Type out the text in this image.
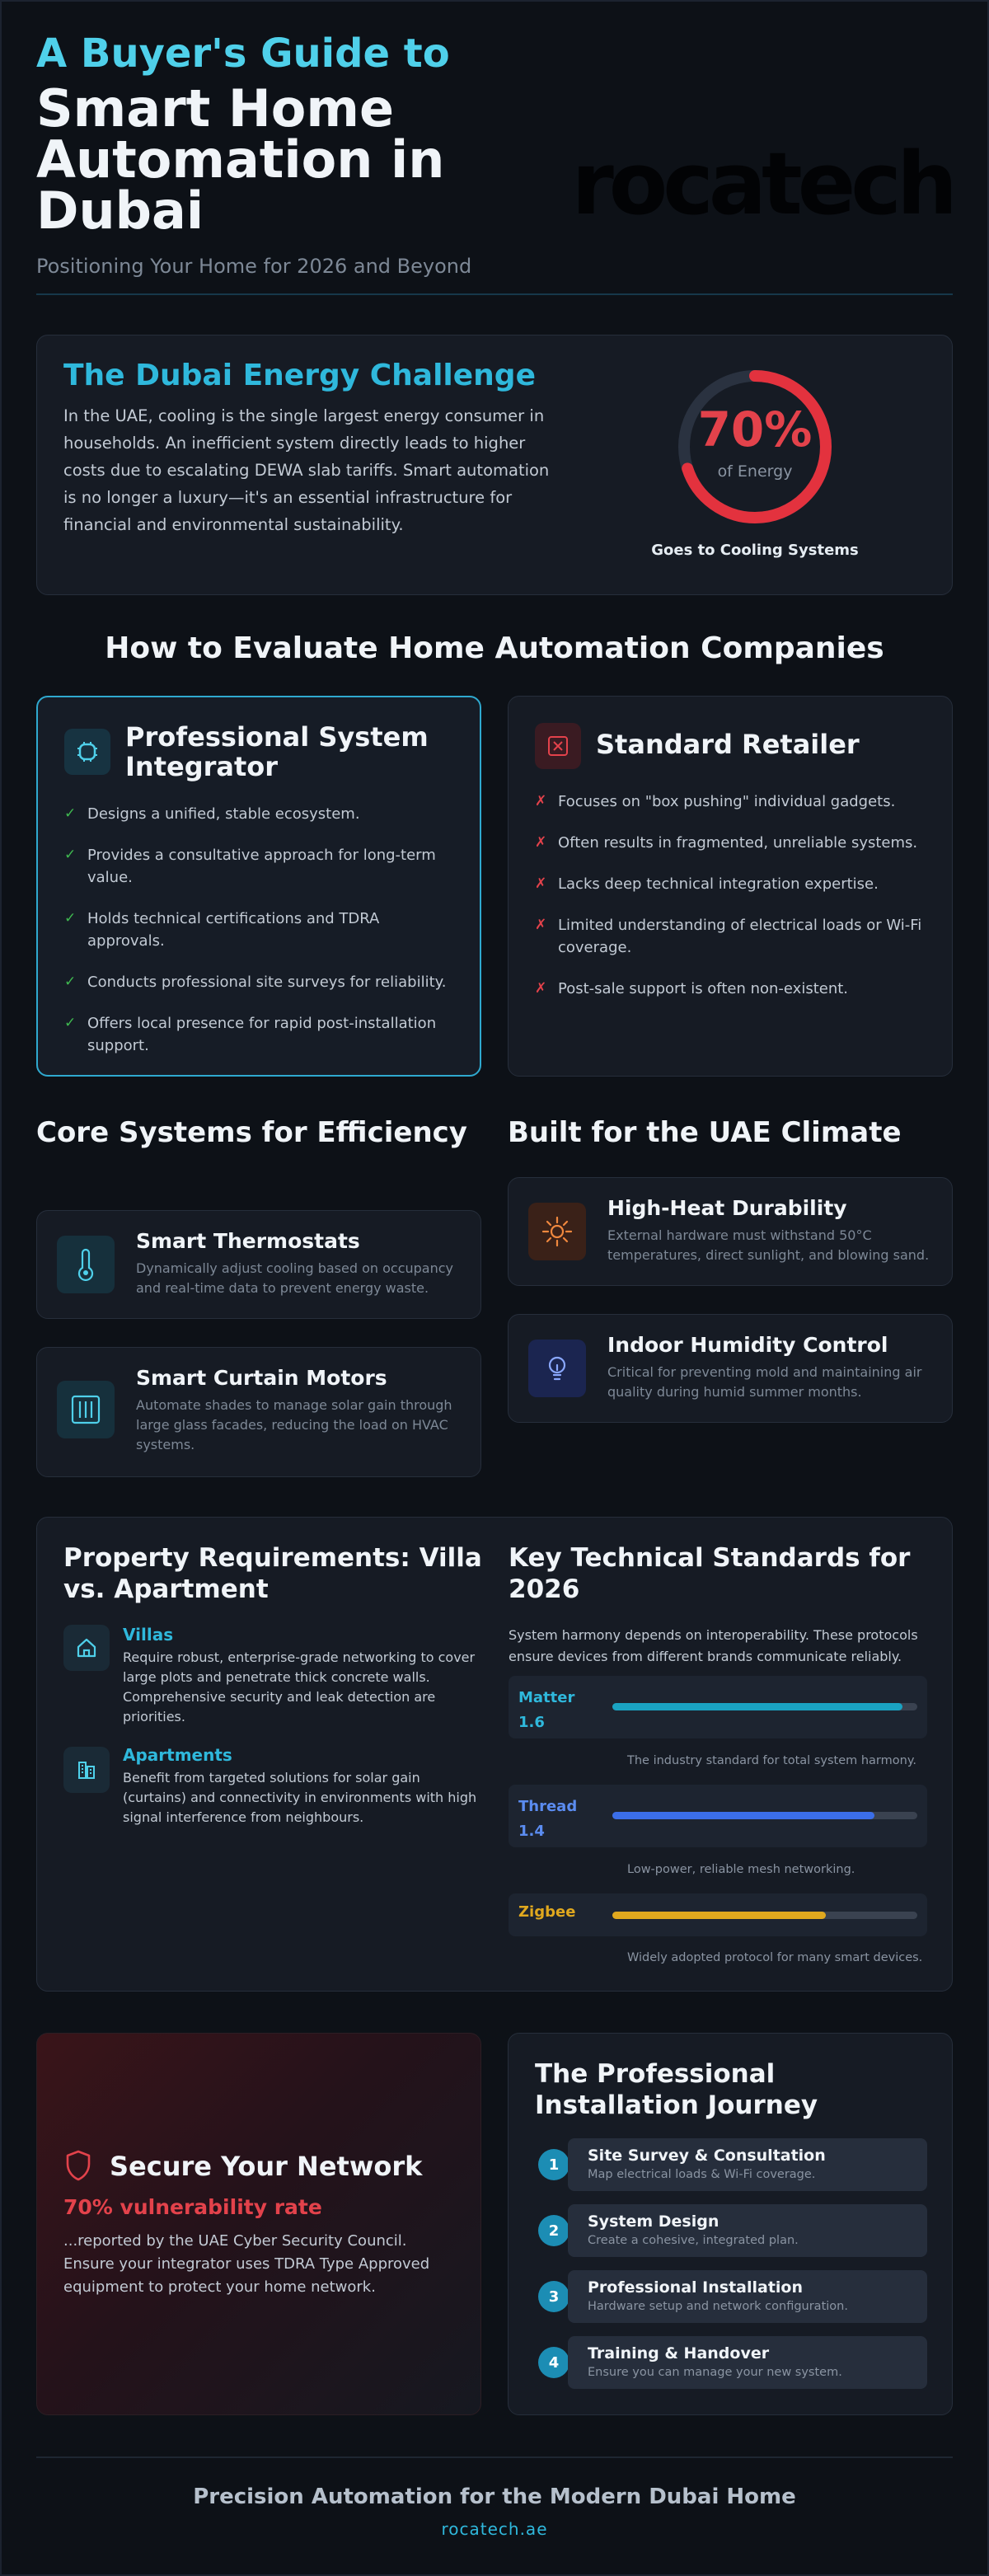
A Buyer's Guide to
Smart Home Automation in Dubai
Positioning Your Home for 2026 and Beyond
rocatech
The Dubai Energy Challenge
In the UAE, cooling is the single largest energy consumer in households. An inefficient system directly leads to higher costs due to escalating DEWA slab tariffs. Smart automation is no longer a luxury—it's an essential infrastructure for financial and environmental sustainability.
70%
of Energy
Goes to Cooling Systems
How to Evaluate Home Automation Companies
Professional System Integrator
✓ Designs a unified, stable ecosystem.
✓ Provides a consultative approach for long-term value.
✓ Holds technical certifications and TDRA approvals.
✓ Conducts professional site surveys for reliability.
✓ Offers local presence for rapid post-installation support.
Standard Retailer
✗ Focuses on "box pushing" individual gadgets.
✗ Often results in fragmented, unreliable systems.
✗ Lacks deep technical integration expertise.
✗ Limited understanding of electrical loads or Wi-Fi coverage.
✗ Post-sale support is often non-existent.
Core Systems for Efficiency
Smart Thermostats
Dynamically adjust cooling based on occupancy and real-time data to prevent energy waste.
Smart Curtain Motors
Automate shades to manage solar gain through large glass facades, reducing the load on HVAC systems.
Built for the UAE Climate
High-Heat Durability
External hardware must withstand 50°C temperatures, direct sunlight, and blowing sand.
Indoor Humidity Control
Critical for preventing mold and maintaining air quality during humid summer months.
Property Requirements: Villa vs. Apartment
Villas
Require robust, enterprise-grade networking to cover large plots and penetrate thick concrete walls. Comprehensive security and leak detection are priorities.
Apartments
Benefit from targeted solutions for solar gain (curtains) and connectivity in environments with high signal interference from neighbours.
Key Technical Standards for 2026
System harmony depends on interoperability. These protocols ensure devices from different brands communicate reliably.
Matter 1.6
The industry standard for total system harmony.
Thread 1.4
Low-power, reliable mesh networking.
Zigbee
Widely adopted protocol for many smart devices.
Secure Your Network
70% vulnerability rate
...reported by the UAE Cyber Security Council. Ensure your integrator uses TDRA Type Approved equipment to protect your home network.
The Professional Installation Journey
1	Site Survey & Consultation
Map electrical loads & Wi-Fi coverage.
2	System Design
Create a cohesive, integrated plan.
3	Professional Installation
Hardware setup and network configuration.
4	Training & Handover
Ensure you can manage your new system.
Precision Automation for the Modern Dubai Home
rocatech.ae
